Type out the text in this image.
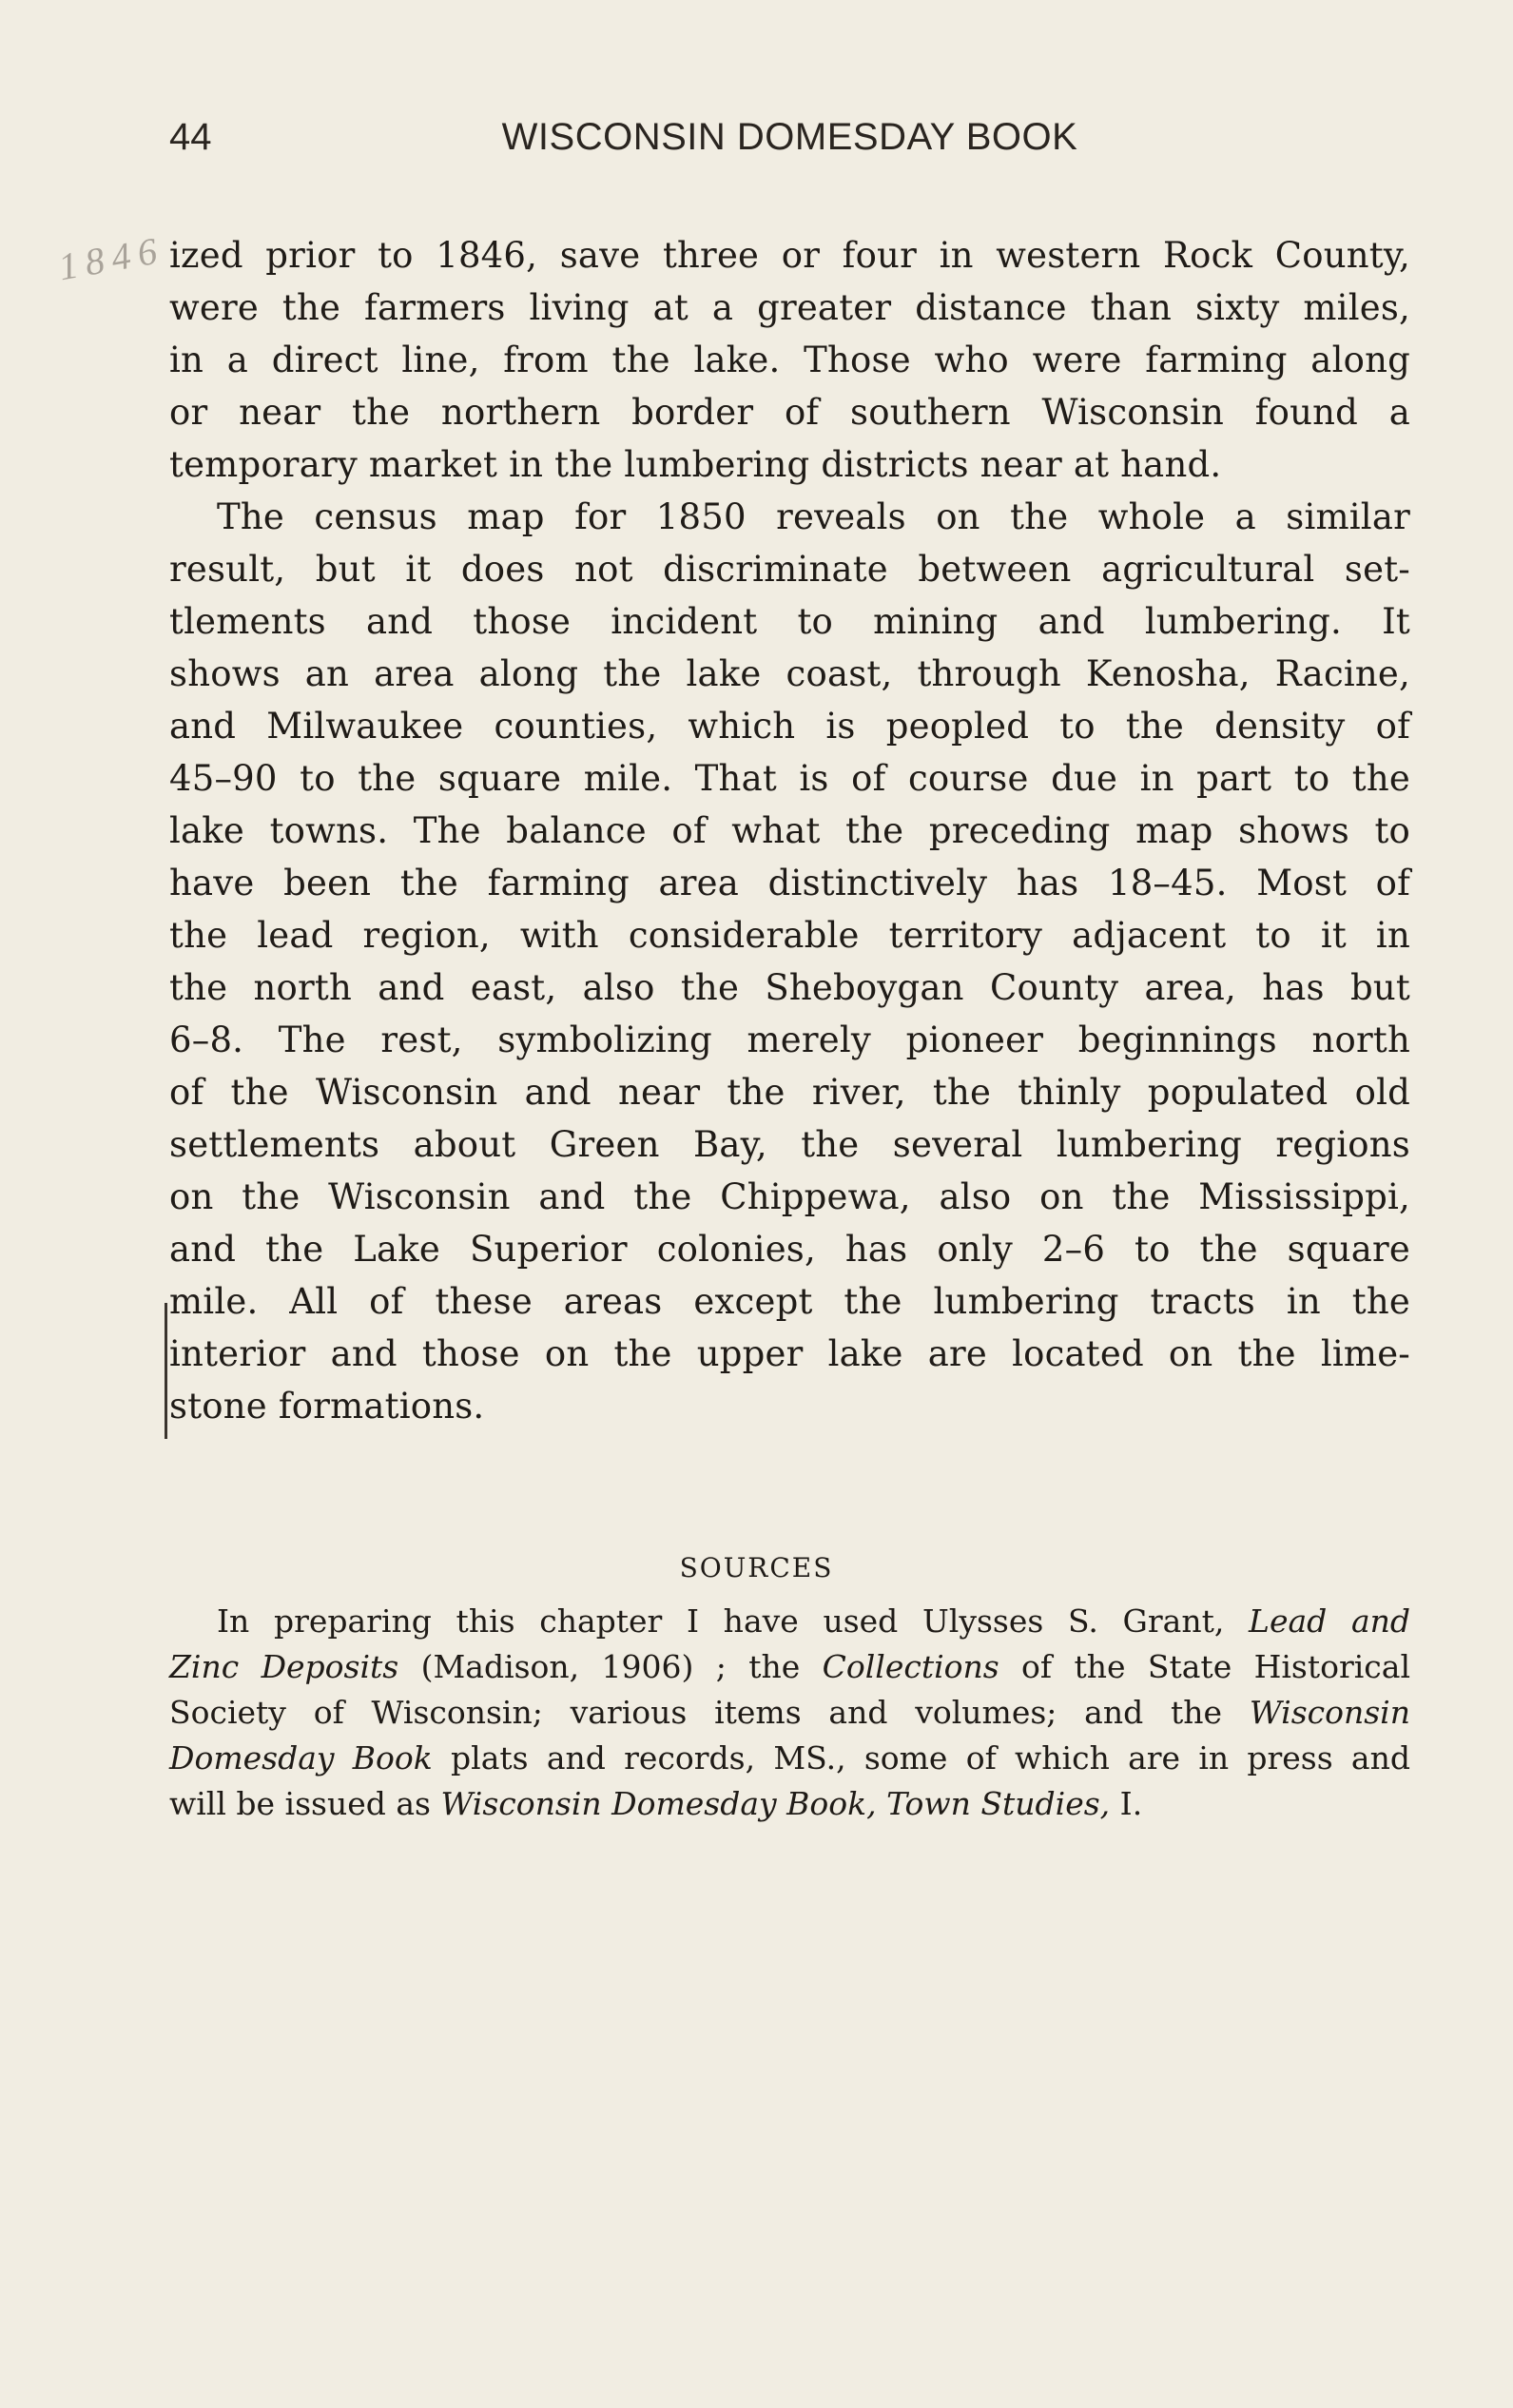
44	WISCONSIN DOMESDAY BOOK
1846 ized prior to 1846, save three or four in western Rock County,
were the farmers living at a greater distance than sixty miles,
in a direct line, from the lake. Those who were farming along
or near the northern border of southern Wisconsin found a
temporary market in the lumbering districts near at hand.
The census map for 1850 reveals on the whole a similar
result, but it does not discriminate between agricultural set-
tlements and those incident to mining and lumbering. It
shows an area along the lake coast, through Kenosha, Racine,
and Milwaukee counties, which is peopled to the density of
45–90 to the square mile. That is of course due in part to the
lake towns. The balance of what the preceding map shows to
have been the farming area distinctively has 18–45. Most of
the lead region, with considerable territory adjacent to it in
the north and east, also the Sheboygan County area, has but
6–8. The rest, symbolizing merely pioneer beginnings north
of the Wisconsin and near the river, the thinly populated old
settlements about Green Bay, the several lumbering regions
on the Wisconsin and the Chippewa, also on the Mississippi,
and the Lake Superior colonies, has only 2–6 to the square
mile. All of these areas except the lumbering tracts in the
interior and those on the upper lake are located on the lime-
stone formations.
SOURCES
In preparing this chapter I have used Ulysses S. Grant, Lead and
Zinc Deposits (Madison, 1906) ; the Collections of the State Historical
Society of Wisconsin; various items and volumes; and the Wisconsin
Domesday Book plats and records, MS., some of which are in press and
will be issued as Wisconsin Domesday Book, Town Studies, I.
